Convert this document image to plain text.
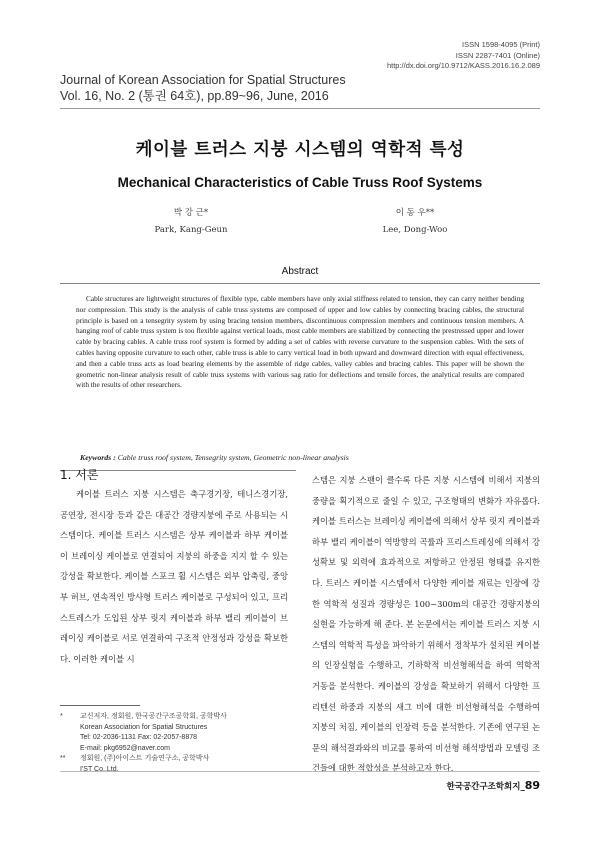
ISSN 1598-4095 (Print)
ISSN 2287-7401 (Online)
http://dx.doi.org/10.9712/KASS.2016.16.2.089
Journal of Korean Association for Spatial Structures
Vol. 16, No. 2 (통권 64호), pp.89~96, June, 2016
케이블 트러스 지붕 시스템의 역학적 특성
Mechanical Characteristics of Cable Truss Roof Systems
박 강 근*
Park, Kang-Geun
이 동 우**
Lee, Dong-Woo
Abstract
Cable structures are lightweight structures of flexible type, cable members have only axial stiffness related to tension, they can carry neither bending nor compression. This study is the analysis of cable truss systems are composed of upper and low cables by connecting bracing cables, the structural principle is based on a tensegrity system by using bracing tension members, discontinuous compression members and continuous tension members. A hanging roof of cable truss system is too flexible against vertical loads, most cable members are stabilized by connecting the prestressed upper and lower cable by bracing cables. A cable truss roof system is formed by adding a set of cables with reverse curvature to the suspension cables. With the sets of cables having opposite curvature to each other, cable truss is able to carry vertical load in both upward and downward direction with equal effectiveness, and then a cable truss acts as load bearing elements by the assemble of ridge cables, valley cables and bracing cables. This paper will be shown the geometric non-linear analysis result of cable truss systems with various sag ratio for deflections and tensile forces, the analytical results are compared with the results of other researchers.
Keywords : Cable truss roof system, Tensegrity system, Geometric non-linear analysis
1. 서론

케이블 트러스 지붕 시스템은 축구경기장, 테니스경기장, 공연장, 전시장 등과 같은 대공간 경량지붕에 주로 사용되는 시스템이다. 케이블 트러스 시스템은 상부 케이블과 하부 케이블이 브레이싱 케이블로 연결되어 지붕의 하중을 지지 할 수 있는 강성을 확보한다. 케이블 스포크 휠 시스템은 외부 압축링, 중앙부 허브, 연속적인 방사형 트러스 케이블로 구성되어 있고, 프리스트레스가 도입된 상부 릿지 케이블과 하부 밸리 케이블이 브레이싱 케이블로 서로 연결하여 구조적 안정성과 강성을 확보한다. 이러한 케이블 시

스템은 지붕 스팬이 클수록 다른 지붕 시스템에 비해서 지붕의 중량을 획기적으로 줄일 수 있고, 구조형태의 변화가 자유롭다. 케이블 트러스는 브레이싱 케이블에 의해서 상부 릿지 케이블과 하부 밸리 케이블이 역방향의 곡률과 프리스트레싱에 의해서 강성확보 및 외력에 효과적으로 저항하고 안정된 형태를 유지한다. 트러스 케이블 시스템에서 다양한 케이블 재료는 인장에 강한 역학적 성질과 경량성은 100~300m의 대공간 경량지붕의 실현을 가능하게 해 준다. 본 논문에서는 케이블 트러스 지붕 시스템의 역학적 특성을 파악하기 위해서 정착부가 설치된 케이블의 인장실험을 수행하고, 기하학적 비선형해석을 하여 역학적 거동을 분석한다. 케이블의 강성을 확보하기 위해서 다양한 프리텐션 하중과 지붕의 새그 비에 대한 비선형해석을 수행하여 지붕의 처짐, 케이블의 인장력 등을 분석한다. 기존에 연구된 논문의 해석결과와의 비교를 통하여 비선형 해석방법과 모델링 조건들에 대한 적합성을 분석하고자 한다.

*	교신저자, 정회원, 한국공간구조공학회, 공학박사
Korean Association for Spatial Structures
Tel: 02-2036-1131 Fax: 02-2057-8878
E-mail: pkg6952@naver.com
**	정회원, (주)아이스트 기술연구소, 공학박사
I'ST Co.,Ltd.
한국공간구조학회지_89
